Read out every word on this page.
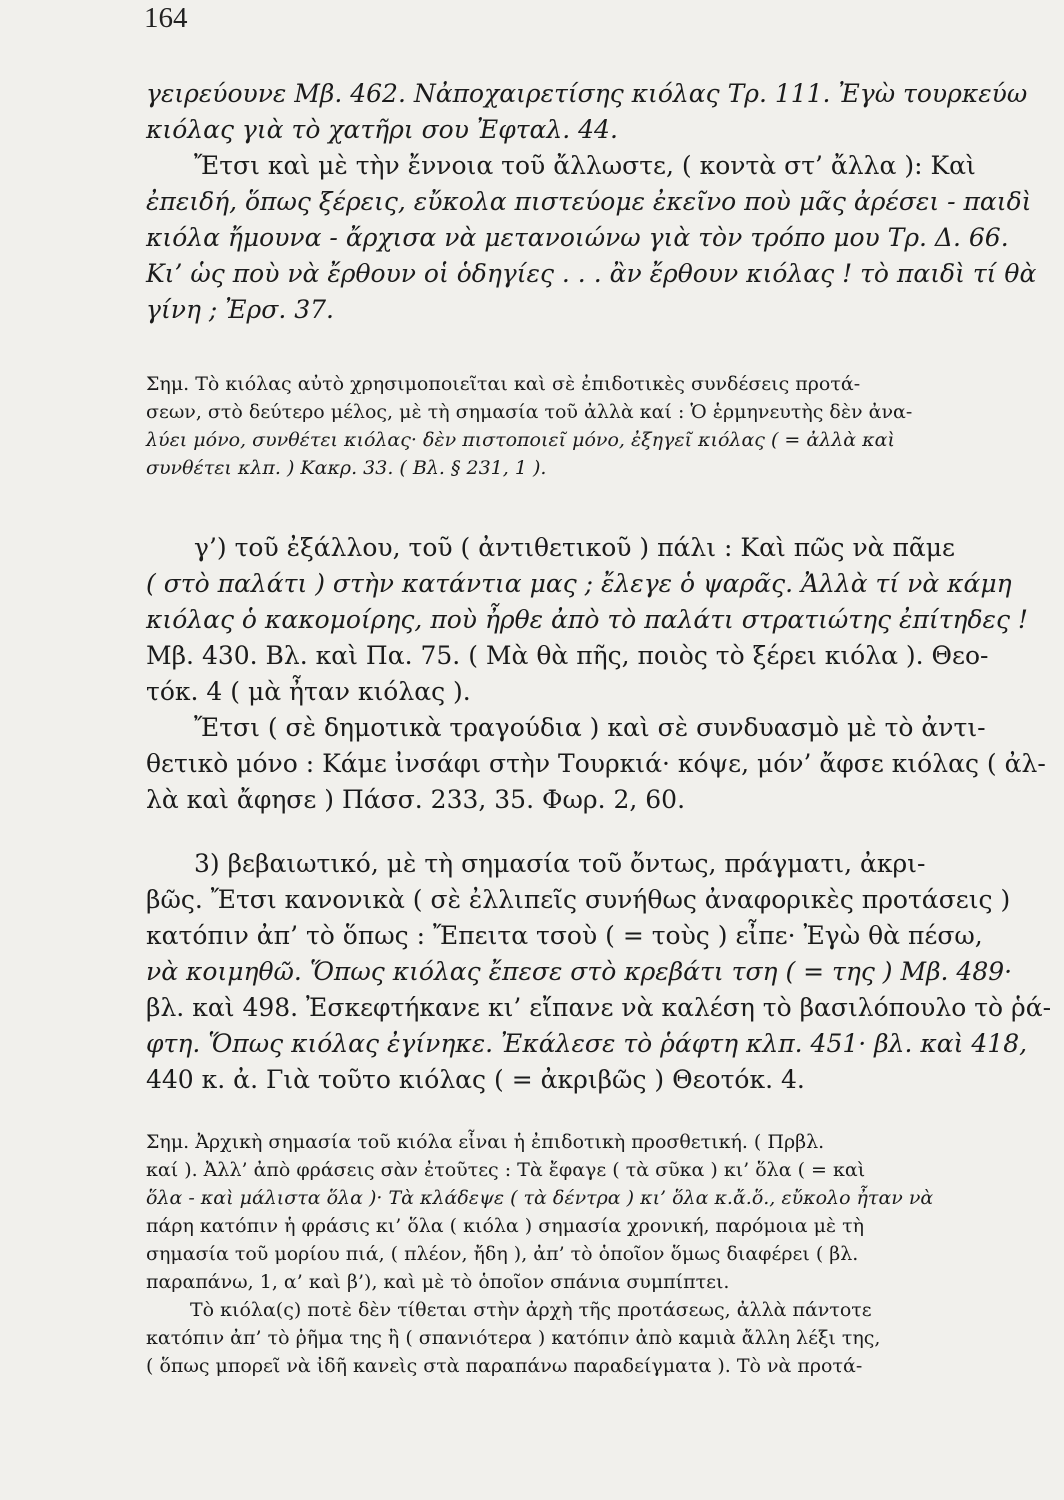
164
γειρεύουνε Μβ. 462. Νἀποχαιρετίσης κιόλας Τρ. 111. Ἐγὼ τουρκεύω
κιόλας γιὰ τὸ χατῆρι σου Ἐφταλ. 44.
Ἔτσι καὶ μὲ τὴν ἔννοια τοῦ ἄλλωστε, ( κοντὰ στ’ ἄλλα ): Καὶ
ἐπειδή, ὅπως ξέρεις, εὔκολα πιστεύομε ἐκεῖνο ποὺ μᾶς ἀρέσει - παιδὶ
κιόλα ἤμουνα - ἄρχισα νὰ μετανοιώνω γιὰ τὸν τρόπο μου Τρ. Δ. 66.
Κι’ ὡς ποὺ νὰ ἔρθουν οἱ ὁδηγίες . . . ἂν ἔρθουν κιόλας ! τὸ παιδὶ τί θὰ
γίνη ; Ἐρσ. 37.
Σημ. Τὸ κιόλας αὐτὸ χρησιμοποιεῖται καὶ σὲ ἐπιδοτικὲς συνδέσεις προτά-
σεων, στὸ δεύτερο μέλος, μὲ τὴ σημασία τοῦ ἀλλὰ καί : Ὁ ἑρμηνευτὴς δὲν ἀνα-
λύει μόνο, συνθέτει κιόλας· δὲν πιστοποιεῖ μόνο, ἐξηγεῖ κιόλας ( = ἀλλὰ καὶ
συνθέτει κλπ. ) Κακρ. 33. ( Βλ. § 231, 1 ).
γ’) τοῦ ἐξάλλου, τοῦ ( ἀντιθετικοῦ ) πάλι : Καὶ πῶς νὰ πᾶμε
( στὸ παλάτι ) στὴν κατάντια μας ; ἔλεγε ὁ ψαρᾶς. Ἀλλὰ τί νὰ κάμη
κιόλας ὁ κακομοίρης, ποὺ ἦρθε ἀπὸ τὸ παλάτι στρατιώτης ἐπίτηδες !
Μβ. 430. Βλ. καὶ Πα. 75. ( Μὰ θὰ πῆς, ποιὸς τὸ ξέρει κιόλα ). Θεο-
τόκ. 4 ( μὰ ἦταν κιόλας ).
Ἔτσι ( σὲ δημοτικὰ τραγούδια ) καὶ σὲ συνδυασμὸ μὲ τὸ ἀντι-
θετικὸ μόνο : Κάμε ἰνσάφι στὴν Τουρκιά· κόψε, μόν’ ἄφσε κιόλας ( ἀλ-
λὰ καὶ ἄφησε ) Πάσσ. 233, 35. Φωρ. 2, 60.
3) βεβαιωτικό, μὲ τὴ σημασία τοῦ ὄντως, πράγματι, ἀκρι-
βῶς. Ἔτσι κανονικὰ ( σὲ ἐλλιπεῖς συνήθως ἀναφορικὲς προτάσεις )
κατόπιν ἀπ’ τὸ ὅπως : Ἔπειτα τσοὺ ( = τοὺς ) εἶπε· Ἐγὼ θὰ πέσω,
νὰ κοιμηθῶ. Ὅπως κιόλας ἔπεσε στὸ κρεβάτι τση ( = της ) Μβ. 489·
βλ. καὶ 498. Ἐσκεφτήκανε κι’ εἴπανε νὰ καλέση τὸ βασιλόπουλο τὸ ῥά-
φτη. Ὅπως κιόλας ἐγίνηκε. Ἐκάλεσε τὸ ῥάφτη κλπ. 451· βλ. καὶ 418,
440 κ. ἀ. Γιὰ τοῦτο κιόλας ( = ἀκριβῶς ) Θεοτόκ. 4.
Σημ. Ἀρχικὴ σημασία τοῦ κιόλα εἶναι ἡ ἐπιδοτικὴ προσθετική. ( Πρβλ.
καί ). Ἀλλ’ ἀπὸ φράσεις σὰν ἐτοῦτες : Τὰ ἔφαγε ( τὰ σῦκα ) κι’ ὅλα ( = καὶ
ὅλα - καὶ μάλιστα ὅλα )· Τὰ κλάδεψε ( τὰ δέντρα ) κι’ ὅλα κ.ἄ.ὅ., εὔκολο ἦταν νὰ
πάρη κατόπιν ἡ φράσις κι’ ὅλα ( κιόλα ) σημασία χρονική, παρόμοια μὲ τὴ
σημασία τοῦ μορίου πιά, ( πλέον, ἤδη ), ἀπ’ τὸ ὁποῖον ὅμως διαφέρει ( βλ.
παραπάνω, 1, α’ καὶ β’), καὶ μὲ τὸ ὁποῖον σπάνια συμπίπτει.
Τὸ κιόλα(ς) ποτὲ δὲν τίθεται στὴν ἀρχὴ τῆς προτάσεως, ἀλλὰ πάντοτε
κατόπιν ἀπ’ τὸ ῥῆμα της ἢ ( σπανιότερα ) κατόπιν ἀπὸ καμιὰ ἄλλη λέξι της,
( ὅπως μπορεῖ νὰ ἰδῆ κανεὶς στὰ παραπάνω παραδείγματα ). Τὸ νὰ προτά-
